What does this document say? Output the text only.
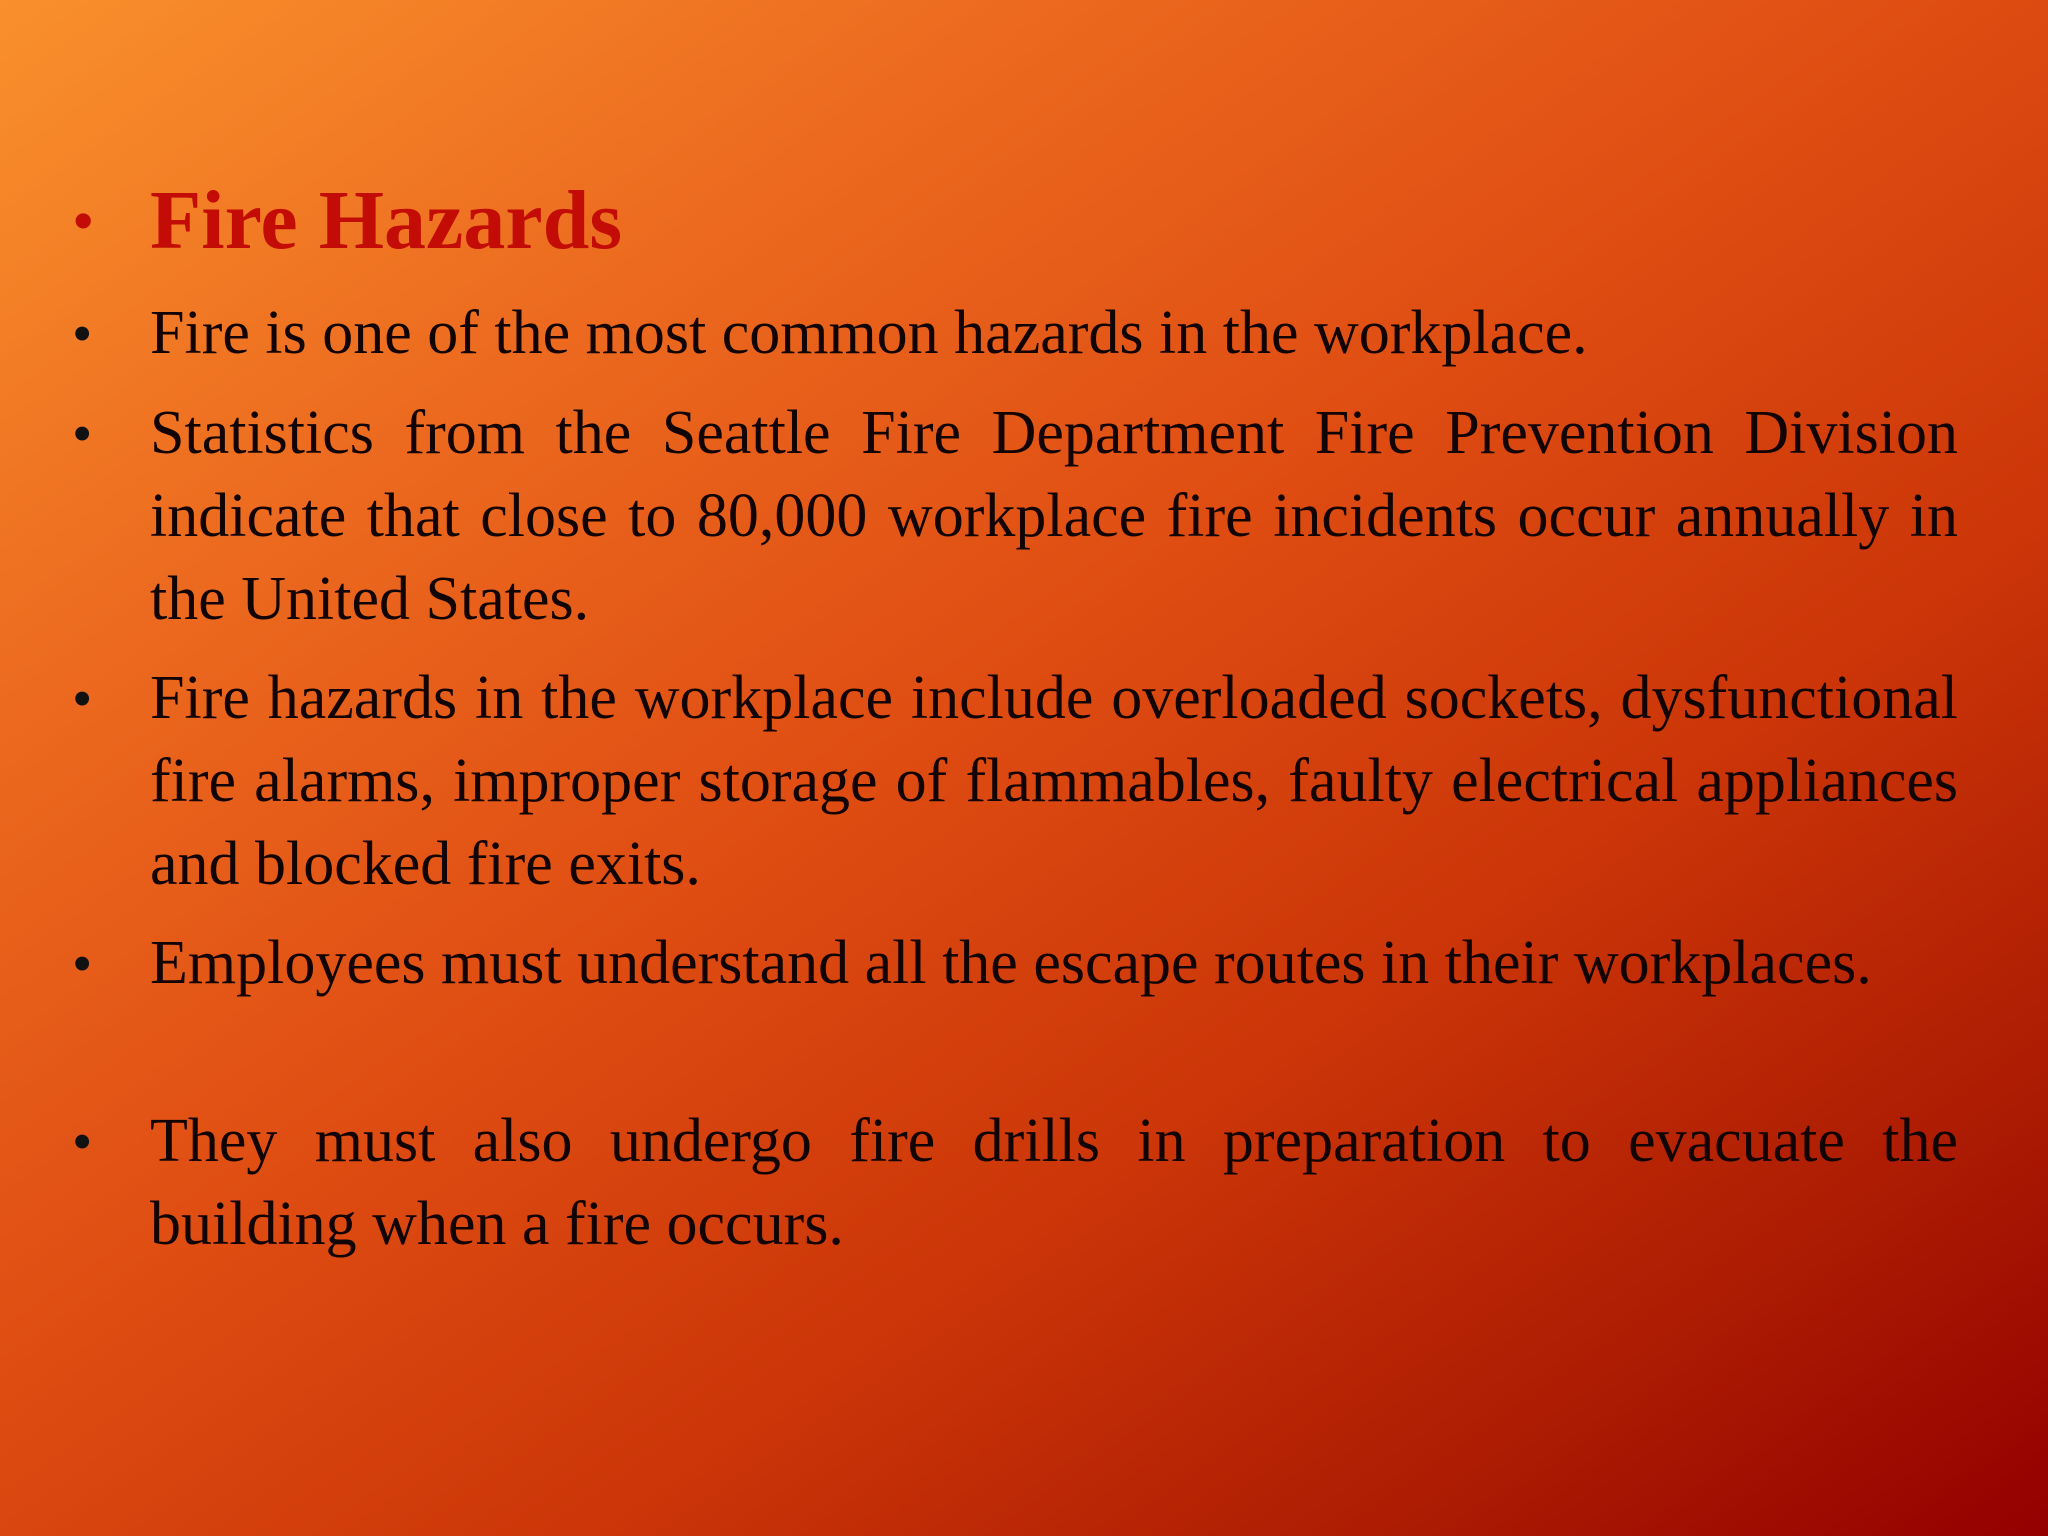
• Fire Hazards
• Fire is one of the most common hazards in the workplace.
• Statistics from the Seattle Fire Department Fire Prevention Division indicate that close to 80,000 workplace fire incidents occur annually in the United States.
• Fire hazards in the workplace include overloaded sockets, dysfunctional fire alarms, improper storage of flammables, faulty electrical appliances and blocked fire exits.
• Employees must understand all the escape routes in their workplaces.
• They must also undergo fire drills in preparation to evacuate the building when a fire occurs.
